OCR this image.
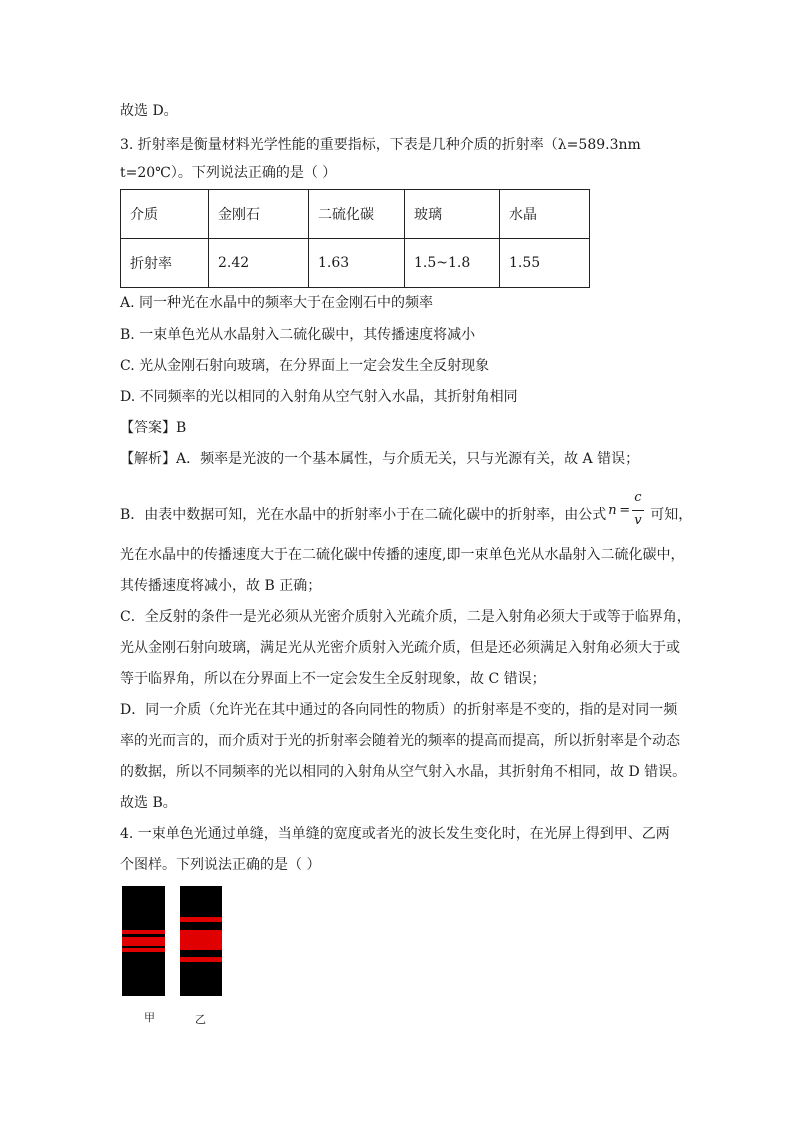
故选 D。
3. 折射率是衡量材料光学性能的重要指标，下表是几种介质的折射率（λ=589.3nm
t=20℃）。下列说法正确的是（ ）
介质	金刚石	二硫化碳	玻璃	水晶
折射率	2.42	1.63	1.5~1.8	1.55
A. 同一种光在水晶中的频率大于在金刚石中的频率
B. 一束单色光从水晶射入二硫化碳中，其传播速度将减小
C. 光从金刚石射向玻璃，在分界面上一定会发生全反射现象
D. 不同频率的光以相同的入射角从空气射入水晶，其折射角相同
【答案】B
【解析】A．频率是光波的一个基本属性，与介质无关，只与光源有关，故 A 错误；
B．由表中数据可知，光在水晶中的折射率小于在二硫化碳中的折射率，由公式 n =
c
v 可知，
光在水晶中的传播速度大于在二硫化碳中传播的速度,即一束单色光从水晶射入二硫化碳中，
其传播速度将减小，故 B 正确；
C．全反射的条件一是光必须从光密介质射入光疏介质，二是入射角必须大于或等于临界角，
光从金刚石射向玻璃，满足光从光密介质射入光疏介质，但是还必须满足入射角必须大于或
等于临界角，所以在分界面上不一定会发生全反射现象，故 C 错误；
D．同一介质（允许光在其中通过的各向同性的物质）的折射率是不变的，指的是对同一频
率的光而言的，而介质对于光的折射率会随着光的频率的提高而提高，所以折射率是个动态
的数据，所以不同频率的光以相同的入射角从空气射入水晶，其折射角不相同，故 D 错误。
故选 B。
4. 一束单色光通过单缝，当单缝的宽度或者光的波长发生变化时，在光屏上得到甲、乙两
个图样。下列说法正确的是（ ）
甲	乙
